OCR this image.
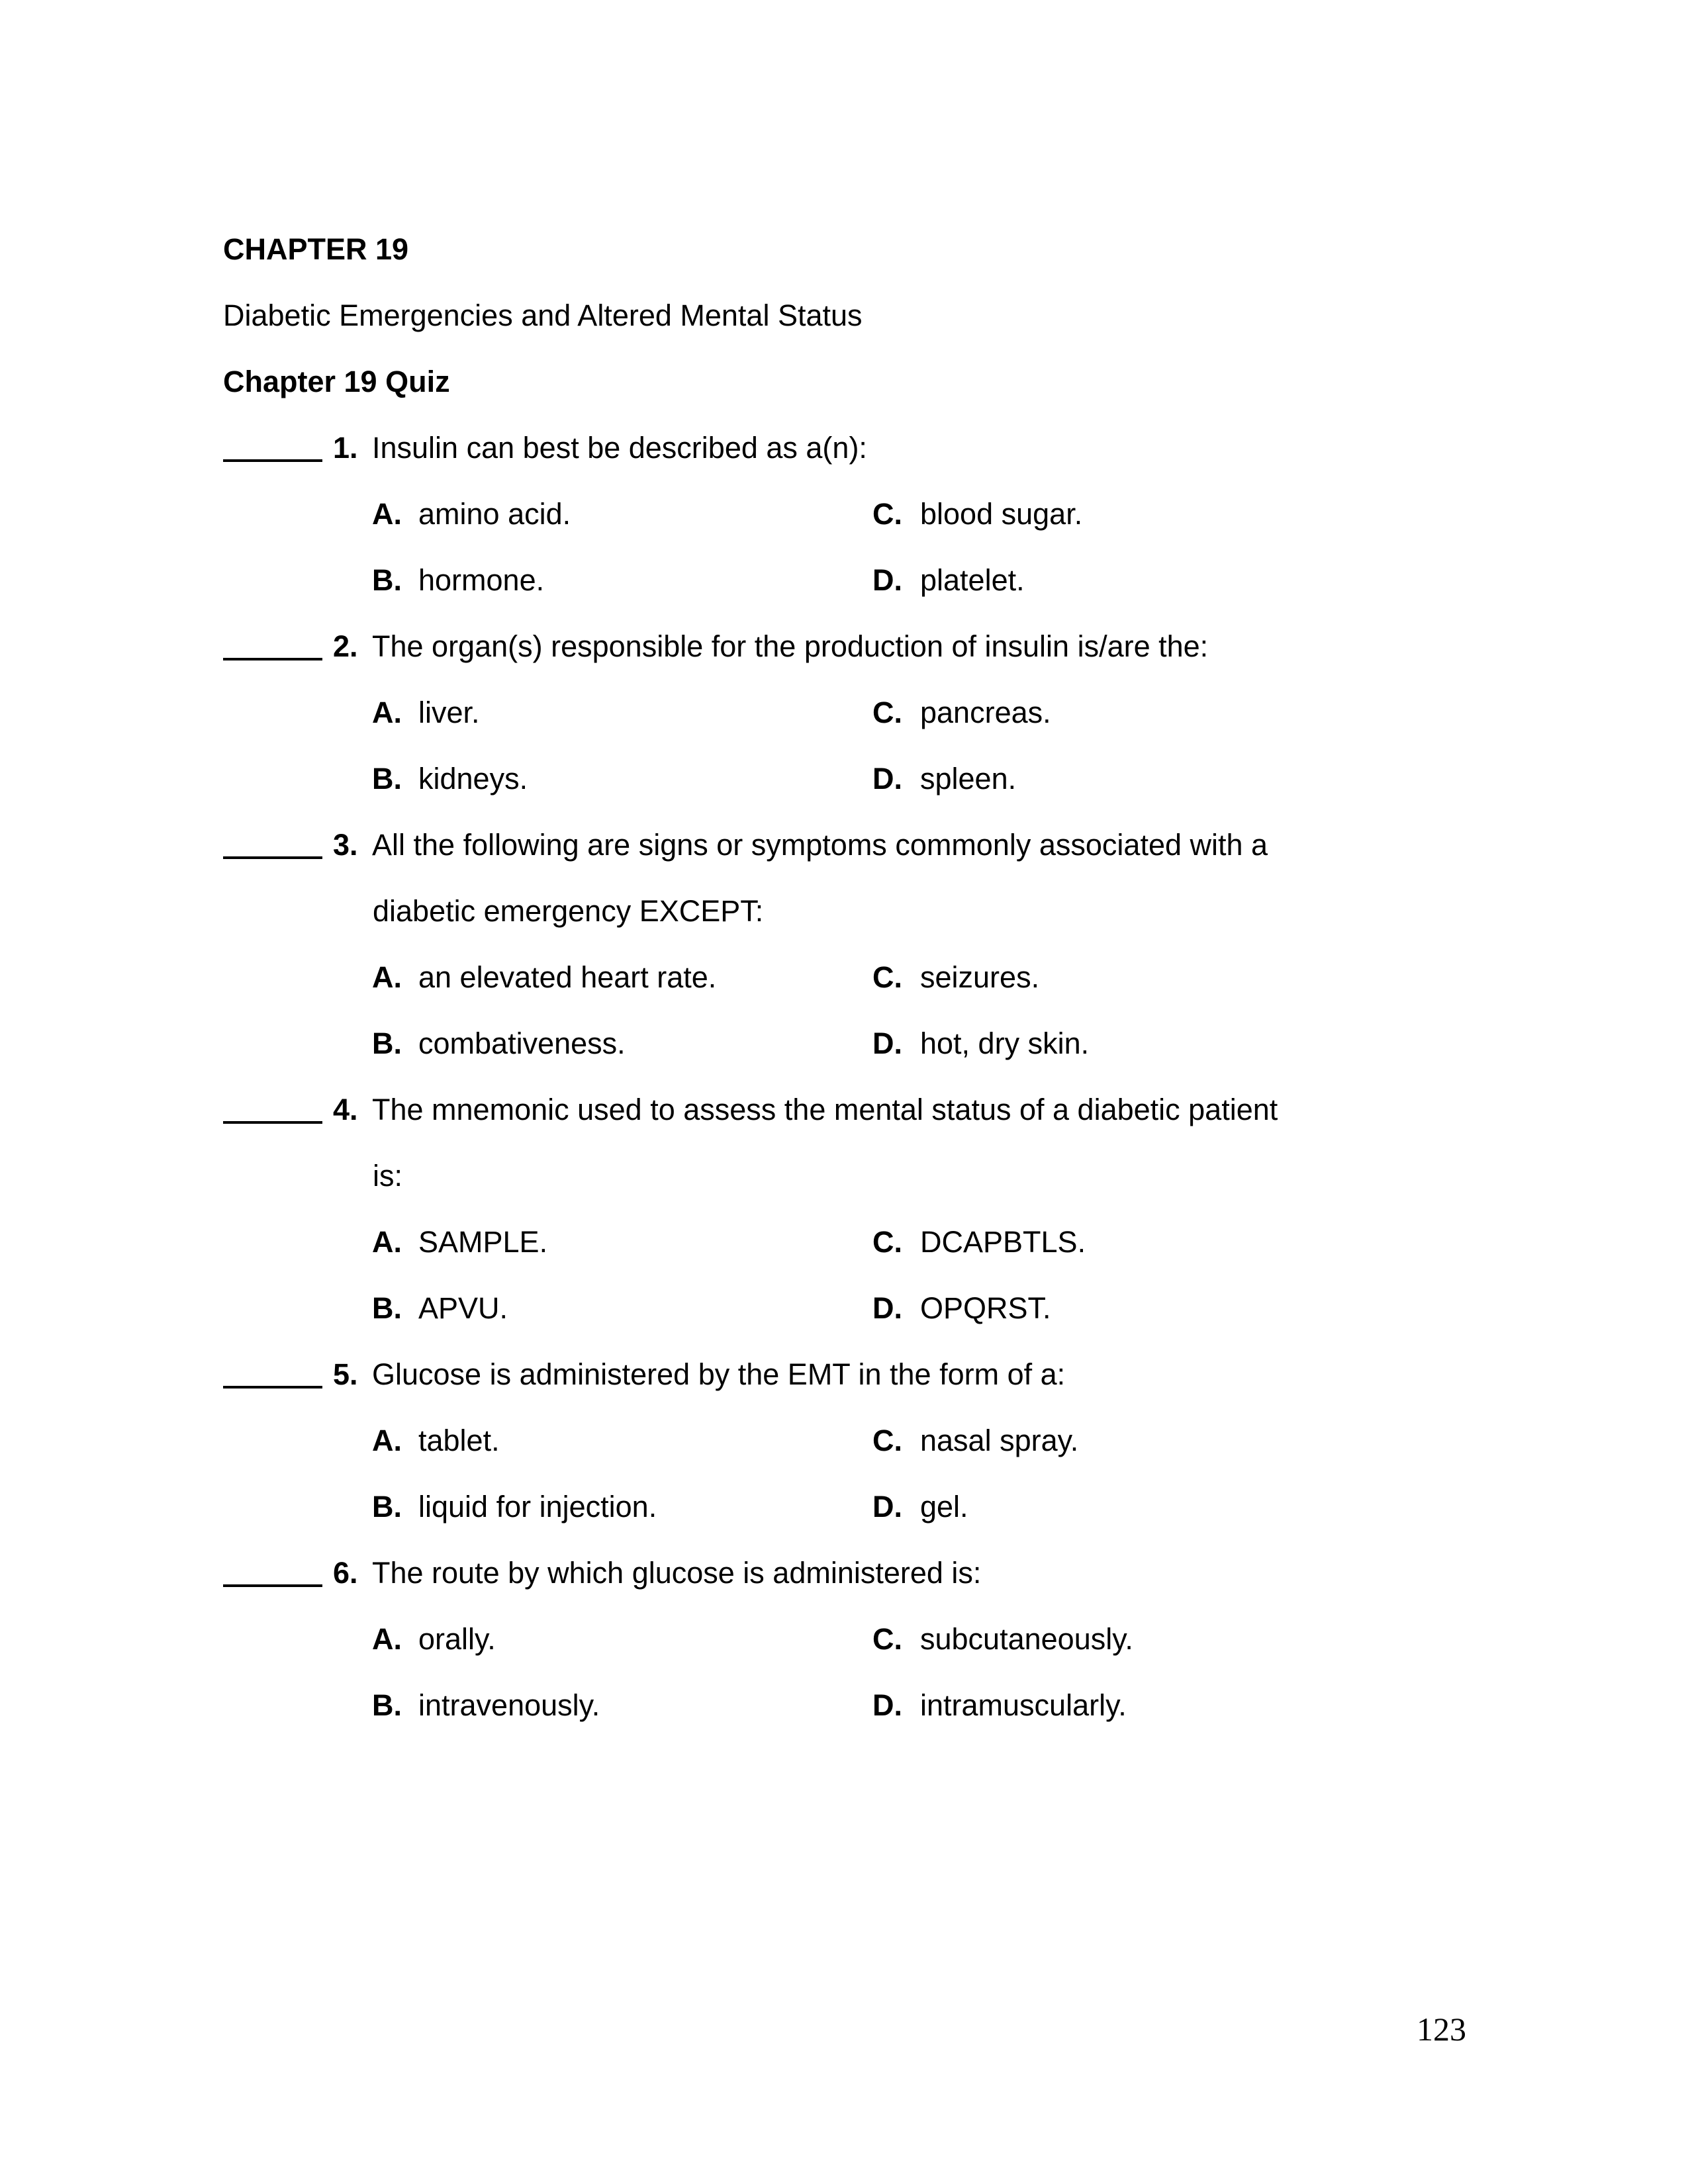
CHAPTER 19
Diabetic Emergencies and Altered Mental Status
Chapter 19 Quiz
1. Insulin can best be described as a(n):
A. amino acid.	C. blood sugar.
B. hormone.	D. platelet.
2. The organ(s) responsible for the production of insulin is/are the:
A. liver.	C. pancreas.
B. kidneys.	D. spleen.
3. All the following are signs or symptoms commonly associated with a
diabetic emergency EXCEPT:
A. an elevated heart rate.	C. seizures.
B. combativeness.	D. hot, dry skin.
4. The mnemonic used to assess the mental status of a diabetic patient
is:
A. SAMPLE.	C. DCAPBTLS.
B. APVU.	D. OPQRST.
5. Glucose is administered by the EMT in the form of a:
A. tablet.	C. nasal spray.
B. liquid for injection.	D. gel.
6. The route by which glucose is administered is:
A. orally.	C. subcutaneously.
B. intravenously.	D. intramuscularly.
123
